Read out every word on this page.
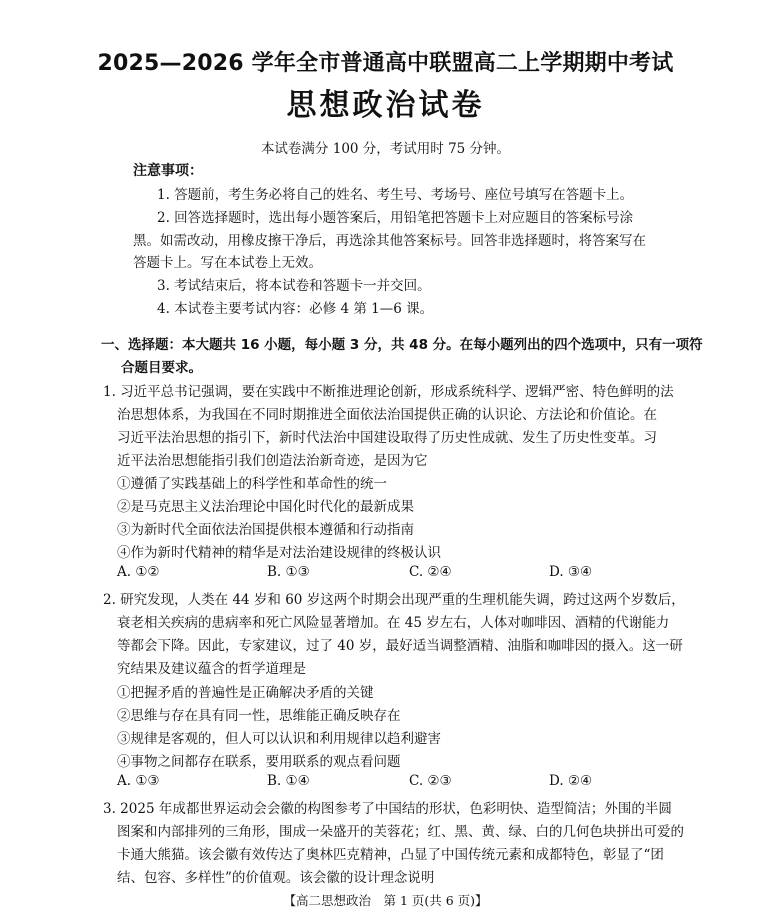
2025—2026 学年全市普通高中联盟高二上学期期中考试
思想政治试卷
本试卷满分 100 分，考试用时 75 分钟。
注意事项：
1. 答题前，考生务必将自己的姓名、考生号、考场号、座位号填写在答题卡上。
2. 回答选择题时，选出每小题答案后，用铅笔把答题卡上对应题目的答案标号涂
黑。如需改动，用橡皮擦干净后，再选涂其他答案标号。回答非选择题时，将答案写在
答题卡上。写在本试卷上无效。
3. 考试结束后，将本试卷和答题卡一并交回。
4. 本试卷主要考试内容：必修 4 第 1—6 课。
一、选择题：本大题共 16 小题，每小题 3 分，共 48 分。在每小题列出的四个选项中，只有一项符
合题目要求。
1. 习近平总书记强调，要在实践中不断推进理论创新，形成系统科学、逻辑严密、特色鲜明的法
治思想体系，为我国在不同时期推进全面依法治国提供正确的认识论、方法论和价值论。在
习近平法治思想的指引下，新时代法治中国建设取得了历史性成就、发生了历史性变革。习
近平法治思想能指引我们创造法治新奇迹，是因为它
①遵循了实践基础上的科学性和革命性的统一
②是马克思主义法治理论中国化时代化的最新成果
③为新时代全面依法治国提供根本遵循和行动指南
④作为新时代精神的精华是对法治建设规律的终极认识
A. ①②	B. ①③	C. ②④	D. ③④
2. 研究发现，人类在 44 岁和 60 岁这两个时期会出现严重的生理机能失调，跨过这两个岁数后，
衰老相关疾病的患病率和死亡风险显著增加。在 45 岁左右，人体对咖啡因、酒精的代谢能力
等都会下降。因此，专家建议，过了 40 岁，最好适当调整酒精、油脂和咖啡因的摄入。这一研
究结果及建议蕴含的哲学道理是
①把握矛盾的普遍性是正确解决矛盾的关键
②思维与存在具有同一性，思维能正确反映存在
③规律是客观的，但人可以认识和利用规律以趋利避害
④事物之间都存在联系，要用联系的观点看问题
A. ①③	B. ①④	C. ②③	D. ②④
3. 2025 年成都世界运动会会徽的构图参考了中国结的形状，色彩明快、造型简洁；外围的半圆
图案和内部排列的三角形，围成一朵盛开的芙蓉花；红、黑、黄、绿、白的几何色块拼出可爱的
卡通大熊猫。该会徽有效传达了奥林匹克精神，凸显了中国传统元素和成都特色，彰显了“团
结、包容、多样性”的价值观。该会徽的设计理念说明
【高二思想政治　第 1 页(共 6 页)】
